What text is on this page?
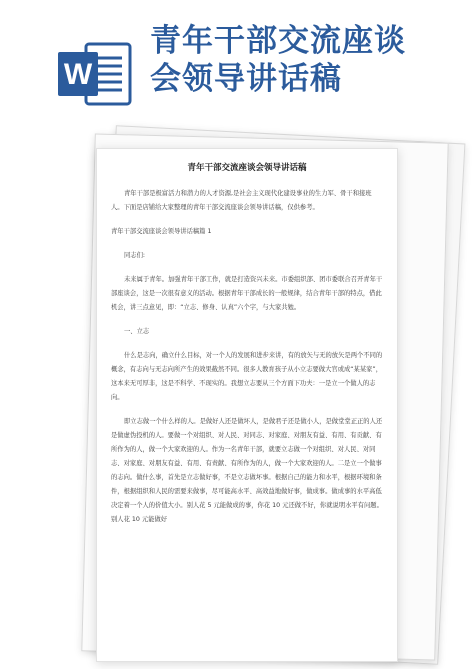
W
青年干部交流座谈
会领导讲话稿
青年干部交流座谈会领导讲话稿

青年干部是极富活力和潜力的人才资源,是社会主义现代化建设事业的生力军、骨干和接班人。下面是店铺给大家整理的青年干部交流座谈会领导讲话稿，仅供参考。

青年干部交流座谈会领导讲话稿篇 1

同志们:

未来属于青年。加强青年干部工作，就是打造资兴未来。市委组织部、团市委联合召开青年干部座谈会，这是一次很有意义的活动。根据青年干部成长的一般规律，结合青年干部的特点，借此机会，讲三点意见，即：“立志、修身、认真”六个字，与大家共勉。

一、立志

什么是志向，确立什么目标，对一个人的发展和进步来讲，有的放矢与无的放矢是两个不同的概念，有志向与无志向所产生的效果截然不同。很多人教育孩子从小立志要做大官或成“某某家”，这本来无可厚非，这是不科学、不现实的。我想立志要从三个方面下功夫：一是立一个做人的志向。

即立志做一个什么样的人。是做好人还是做坏人，是做君子还是做小人，是做堂堂正正的人还是做虚伪投机的人。要做一个对组织、对人民、对同志、对家庭、对朋友有益、有用、有贡献、有所作为的人，做一个大家欢迎的人。作为一名青年干部，就要立志做一个对组织、对人民、对同志、对家庭、对朋友有益、有用、有责献、有所作为的人，做一个大家欢迎的人。二是立一个做事的志向。做什么事，首先是立志做好事，不是立志做坏事。根据自己的能力和水平，根据环境和条件，根据组织和人民的需要来做事，尽可能高水平、高效益地做好事，做成事。做成事的水平高低决定着一个人的价值大小。别人花 5 元能做成的事，你花 10 元还做不好，你就说明水平有问题。别人花 10 元能做好
